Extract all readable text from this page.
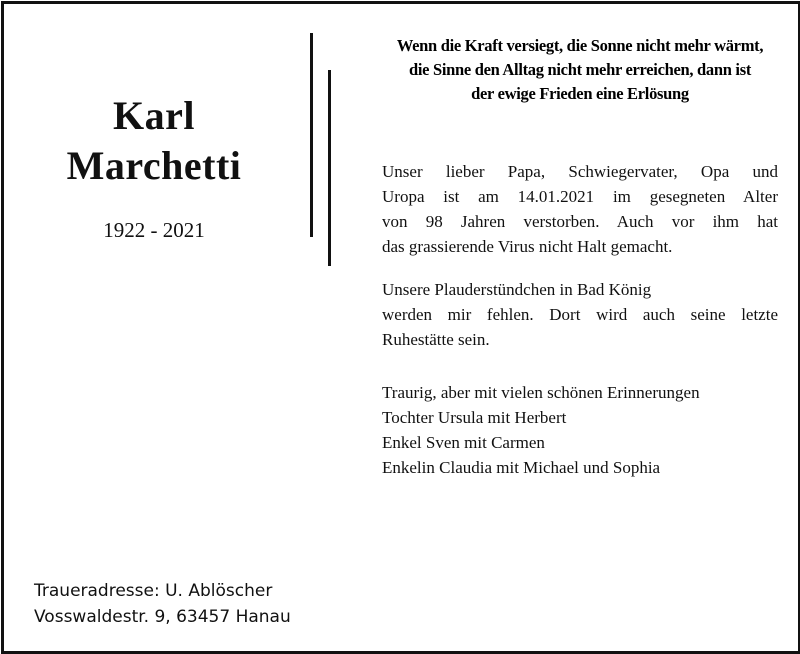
Karl
Marchetti
1922 - 2021
Wenn die Kraft versiegt, die Sonne nicht mehr wärmt,
die Sinne den Alltag nicht mehr erreichen, dann ist
der ewige Frieden eine Erlösung
Unser lieber Papa, Schwiegervater, Opa und
Uropa ist am 14.01.2021 im gesegneten Alter
von 98 Jahren verstorben. Auch vor ihm hat
das grassierende Virus nicht Halt gemacht.
Unsere Plauderstündchen in Bad König
werden mir fehlen. Dort wird auch seine letzte
Ruhestätte sein.
Traurig, aber mit vielen schönen Erinnerungen
Tochter Ursula mit Herbert
Enkel Sven mit Carmen
Enkelin Claudia mit Michael und Sophia
Traueradresse: U. Ablöscher
Vosswaldestr. 9, 63457 Hanau
